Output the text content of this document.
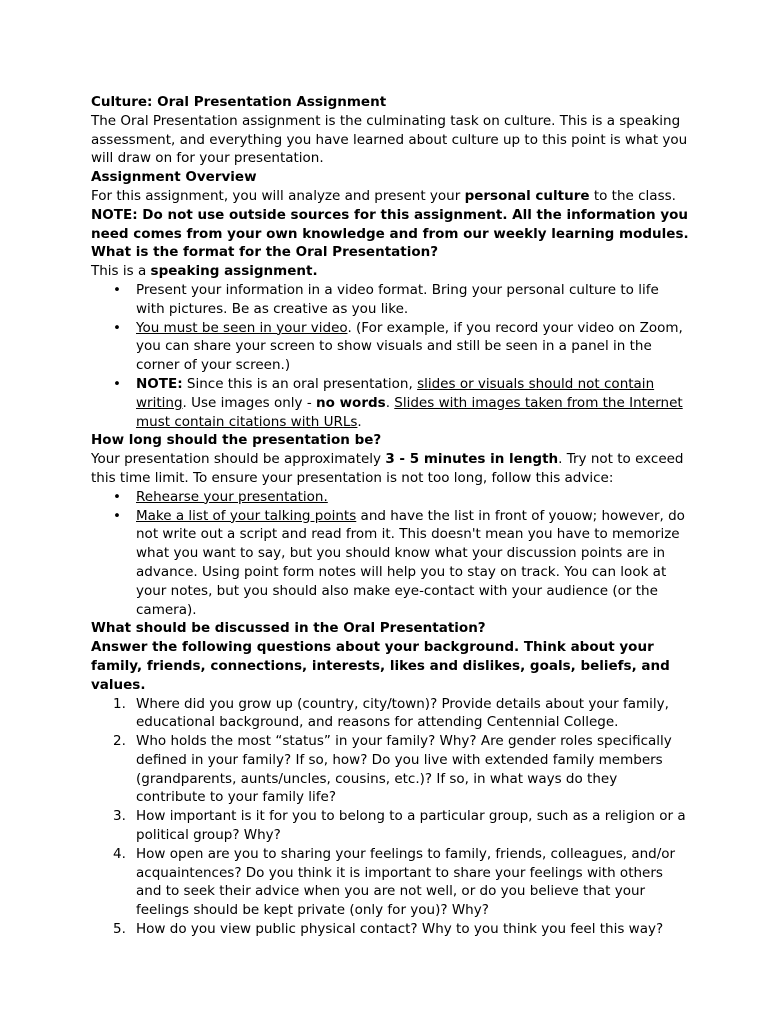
Culture: Oral Presentation Assignment

The Oral Presentation assignment is the culminating task on culture. This is a speaking assessment, and everything you have learned about culture up to this point is what you will draw on for your presentation.

Assignment Overview

For this assignment, you will analyze and present your personal culture to the class.

NOTE: Do not use outside sources for this assignment. All the information you need comes from your own knowledge and from our weekly learning modules.

What is the format for the Oral Presentation?

This is a speaking assignment.

• Present your information in a video format. Bring your personal culture to life with pictures. Be as creative as you like.
• You must be seen in your video. (For example, if you record your video on Zoom, you can share your screen to show visuals and still be seen in a panel in the corner of your screen.)
• NOTE: Since this is an oral presentation, slides or visuals should not contain writing. Use images only - no words. Slides with images taken from the Internet must contain citations with URLs.

How long should the presentation be?

Your presentation should be approximately 3 - 5 minutes in length. Try not to exceed this time limit. To ensure your presentation is not too long, follow this advice:

• Rehearse your presentation.
• Make a list of your talking points and have the list in front of youow; however, do not write out a script and read from it. This doesn't mean you have to memorize what you want to say, but you should know what your discussion points are in advance. Using point form notes will help you to stay on track. You can look at your notes, but you should also make eye-contact with your audience (or the camera).

What should be discussed in the Oral Presentation?

Answer the following questions about your background. Think about your family, friends, connections, interests, likes and dislikes, goals, beliefs, and values.

1. Where did you grow up (country, city/town)? Provide details about your family, educational background, and reasons for attending Centennial College.
2. Who holds the most “status” in your family? Why? Are gender roles specifically defined in your family? If so, how? Do you live with extended family members (grandparents, aunts/uncles, cousins, etc.)? If so, in what ways do they contribute to your family life?
3. How important is it for you to belong to a particular group, such as a religion or a political group? Why?
4. How open are you to sharing your feelings to family, friends, colleagues, and/or acquaintences? Do you think it is important to share your feelings with others and to seek their advice when you are not well, or do you believe that your feelings should be kept private (only for you)? Why?
5. How do you view public physical contact? Why to you think you feel this way?
